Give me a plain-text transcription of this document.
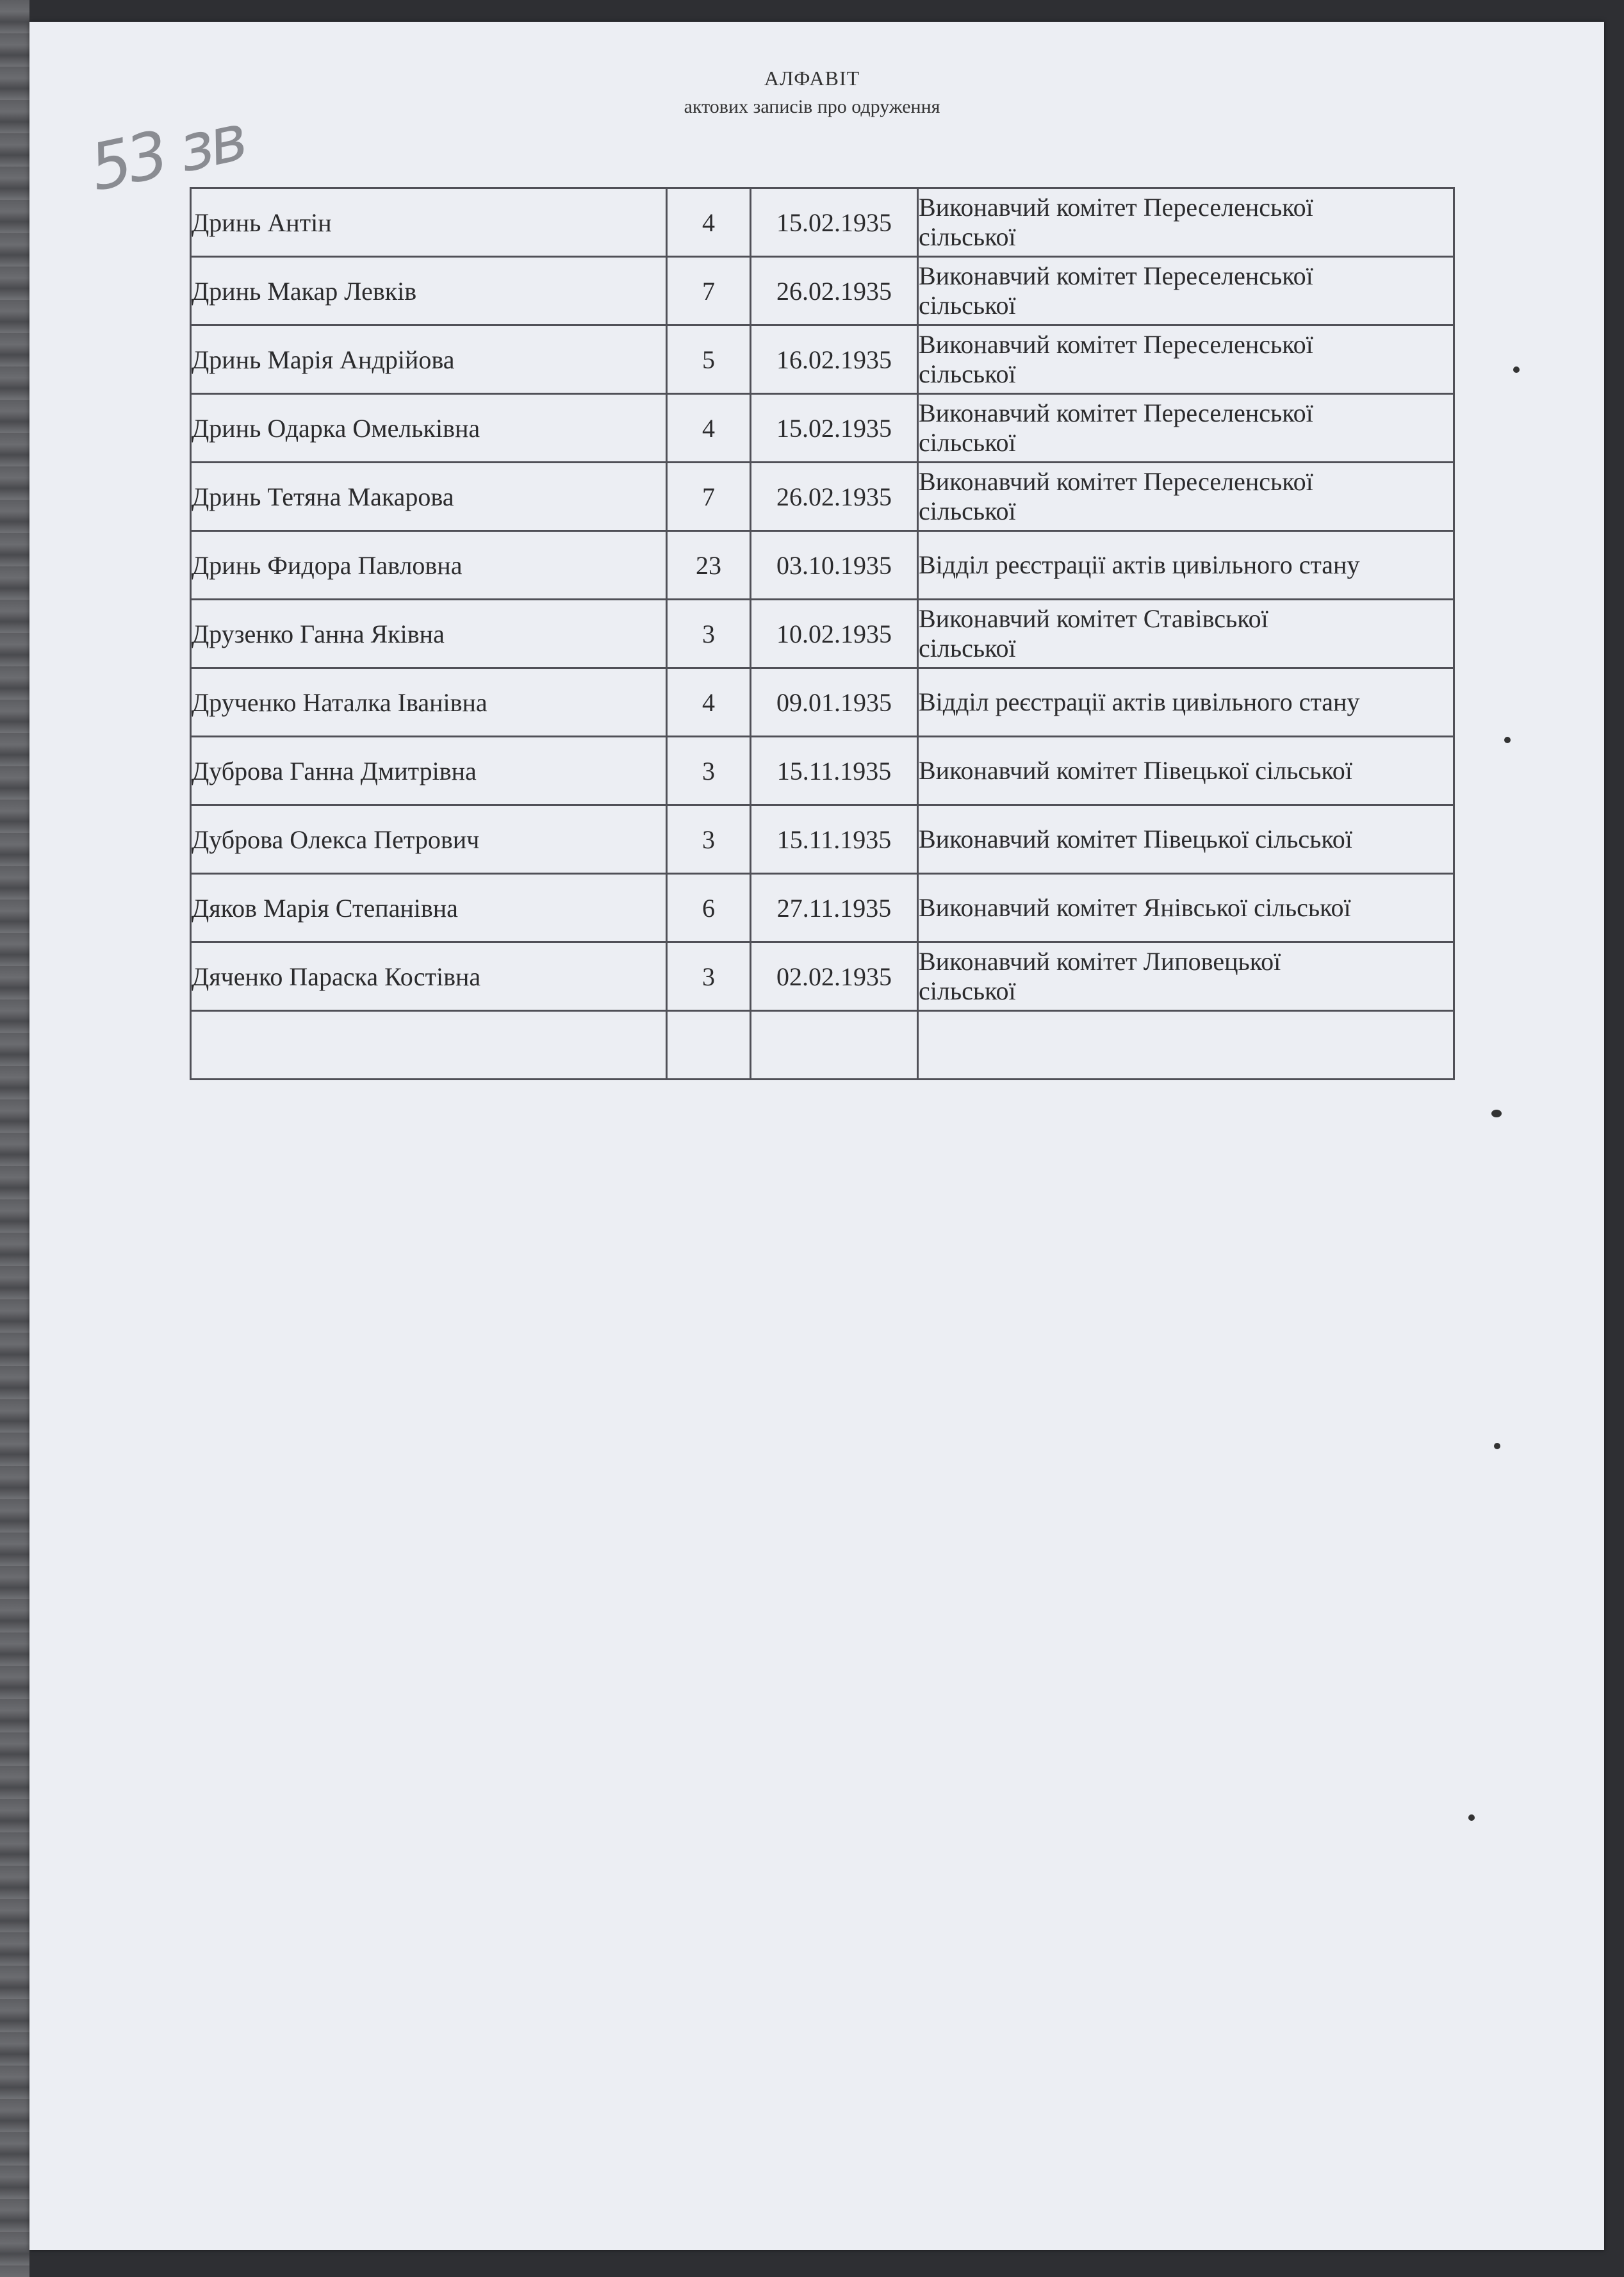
53 зв
АЛФАВІТ
актових записів про одруження
Дринь Антін	4	15.02.1935	Виконавчий комітет Переселенської
сільської

Дринь Макар Левків	7	26.02.1935	Виконавчий комітет Переселенської
сільської

Дринь Марія Андрійова	5	16.02.1935	Виконавчий комітет Переселенської
сільської

Дринь Одарка Омельківна	4	15.02.1935	Виконавчий комітет Переселенської
сільської

Дринь Тетяна Макарова	7	26.02.1935	Виконавчий комітет Переселенської
сільської

Дринь Фидора Павловна	23	03.10.1935	Відділ реєстрації актів цивільного стану

Друзенко Ганна Яківна	3	10.02.1935	Виконавчий комітет Ставівської
сільської

Друченко Наталка Іванівна	4	09.01.1935	Відділ реєстрації актів цивільного стану

Дуброва Ганна Дмитрівна	3	15.11.1935	Виконавчий комітет Півецької сільської

Дуброва Олекса Петрович	3	15.11.1935	Виконавчий комітет Півецької сільської

Дяков Марія Степанівна	6	27.11.1935	Виконавчий комітет Янівської сільської

Дяченко Параска Костівна	3	02.02.1935	Виконавчий комітет Липовецької
сільської
